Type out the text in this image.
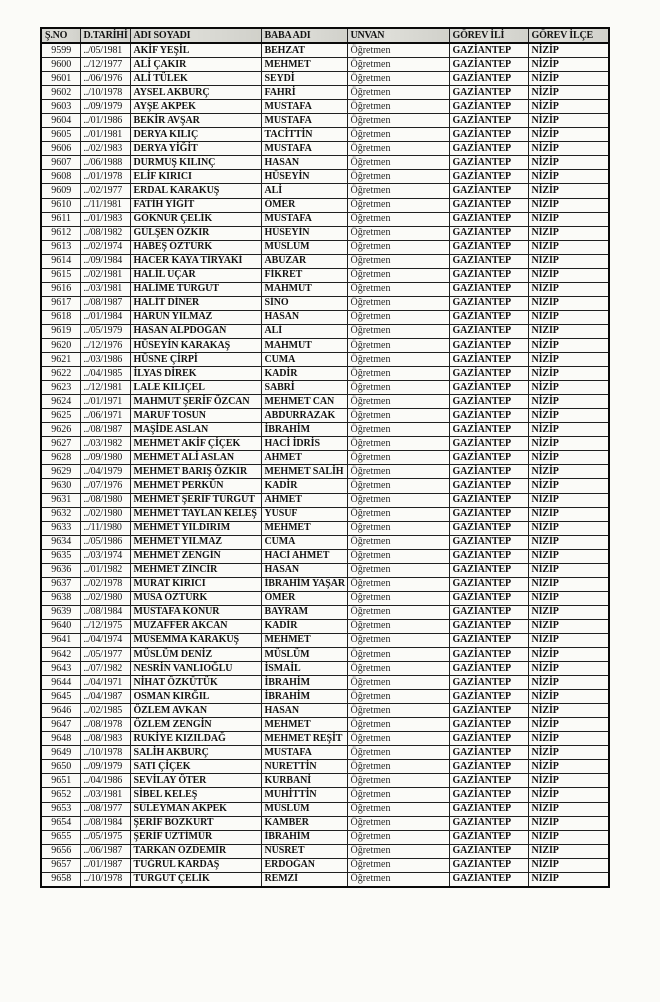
Ş.NO	D.TARİHİ	ADI SOYADI	BABA ADI	UNVAN	GÖREV İLİ	GÖREV İLÇE
9599	../05/1981	AKİF YEŞİL	BEHZAT	Öğretmen	GAZİANTEP	NİZİP
9600	../12/1977	ALİ ÇAKIR	MEHMET	Öğretmen	GAZİANTEP	NİZİP
9601	../06/1976	ALİ TÜLEK	SEYDİ	Öğretmen	GAZİANTEP	NİZİP
9602	../10/1978	AYSEL AKBURÇ	FAHRİ	Öğretmen	GAZİANTEP	NİZİP
9603	../09/1979	AYŞE AKPEK	MUSTAFA	Öğretmen	GAZİANTEP	NİZİP
9604	../01/1986	BEKİR AVŞAR	MUSTAFA	Öğretmen	GAZİANTEP	NİZİP
9605	../01/1981	DERYA KILIÇ	TACİTTİN	Öğretmen	GAZİANTEP	NİZİP
9606	../02/1983	DERYA YİĞİT	MUSTAFA	Öğretmen	GAZİANTEP	NİZİP
9607	../06/1988	DURMUŞ KILINÇ	HASAN	Öğretmen	GAZİANTEP	NİZİP
9608	../01/1978	ELİF KIRICI	HÜSEYİN	Öğretmen	GAZİANTEP	NİZİP
9609	../02/1977	ERDAL KARAKUŞ	ALİ	Öğretmen	GAZİANTEP	NİZİP
9610	../11/1981	FATİH YİĞİT	ÖMER	Öğretmen	GAZİANTEP	NİZİP
9611	../01/1983	GÖKNUR ÇELİK	MUSTAFA	Öğretmen	GAZİANTEP	NİZİP
9612	../08/1982	GÜLŞEN ÖZKIR	HÜSEYİN	Öğretmen	GAZİANTEP	NİZİP
9613	../02/1974	HABEŞ ÖZTÜRK	MÜSLÜM	Öğretmen	GAZİANTEP	NİZİP
9614	../09/1984	HACER KAYA TİRYAKİ	ABUZAR	Öğretmen	GAZİANTEP	NİZİP
9615	../02/1981	HALİL UÇAR	FİKRET	Öğretmen	GAZİANTEP	NİZİP
9616	../03/1981	HALİME TURGUT	MAHMUT	Öğretmen	GAZİANTEP	NİZİP
9617	../08/1987	HALİT DİNER	SİNO	Öğretmen	GAZİANTEP	NİZİP
9618	../01/1984	HARUN YILMAZ	HASAN	Öğretmen	GAZİANTEP	NİZİP
9619	../05/1979	HASAN ALPDOĞAN	ALİ	Öğretmen	GAZİANTEP	NİZİP
9620	../12/1976	HÜSEYİN KARAKAŞ	MAHMUT	Öğretmen	GAZİANTEP	NİZİP
9621	../03/1986	HÜSNE ÇİRPİ	CUMA	Öğretmen	GAZİANTEP	NİZİP
9622	../04/1985	İLYAS DİREK	KADİR	Öğretmen	GAZİANTEP	NİZİP
9623	../12/1981	LALE KILIÇEL	SABRİ	Öğretmen	GAZİANTEP	NİZİP
9624	../01/1971	MAHMUT ŞERİF ÖZCAN	MEHMET CAN	Öğretmen	GAZİANTEP	NİZİP
9625	../06/1971	MARUF TOSUN	ABDURRAZAK	Öğretmen	GAZİANTEP	NİZİP
9626	../08/1987	MAŞİDE ASLAN	İBRAHİM	Öğretmen	GAZİANTEP	NİZİP
9627	../03/1982	MEHMET AKİF ÇİÇEK	HACİ İDRİS	Öğretmen	GAZİANTEP	NİZİP
9628	../09/1980	MEHMET ALİ ASLAN	AHMET	Öğretmen	GAZİANTEP	NİZİP
9629	../04/1979	MEHMET BARIŞ ÖZKIR	MEHMET SALİH	Öğretmen	GAZİANTEP	NİZİP
9630	../07/1976	MEHMET PERKÜN	KADİR	Öğretmen	GAZİANTEP	NİZİP
9631	../08/1980	MEHMET ŞERİF TURGUT	AHMET	Öğretmen	GAZİANTEP	NİZİP
9632	../02/1980	MEHMET TAYLAN KELEŞ	YUSUF	Öğretmen	GAZİANTEP	NİZİP
9633	../11/1980	MEHMET YILDIRIM	MEHMET	Öğretmen	GAZİANTEP	NİZİP
9634	../05/1986	MEHMET YILMAZ	CUMA	Öğretmen	GAZİANTEP	NİZİP
9635	../03/1974	MEHMET ZENGİN	HACİ AHMET	Öğretmen	GAZİANTEP	NİZİP
9636	../01/1982	MEHMET ZİNCİR	HASAN	Öğretmen	GAZİANTEP	NİZİP
9637	../02/1978	MURAT KIRICI	İBRAHİM YAŞAR	Öğretmen	GAZİANTEP	NİZİP
9638	../02/1980	MUSA ÖZTÜRK	ÖMER	Öğretmen	GAZİANTEP	NİZİP
9639	../08/1984	MUSTAFA KONUR	BAYRAM	Öğretmen	GAZİANTEP	NİZİP
9640	../12/1975	MUZAFFER AKCAN	KADİR	Öğretmen	GAZİANTEP	NİZİP
9641	../04/1974	MÜSEMMA KARAKUŞ	MEHMET	Öğretmen	GAZİANTEP	NİZİP
9642	../05/1977	MÜSLÜM DENİZ	MÜSLÜM	Öğretmen	GAZİANTEP	NİZİP
9643	../07/1982	NESRİN VANLIOĞLU	İSMAİL	Öğretmen	GAZİANTEP	NİZİP
9644	../04/1971	NİHAT ÖZKÜTÜK	İBRAHİM	Öğretmen	GAZİANTEP	NİZİP
9645	../04/1987	OSMAN KIRĞIL	İBRAHİM	Öğretmen	GAZİANTEP	NİZİP
9646	../02/1985	ÖZLEM AVKAN	HASAN	Öğretmen	GAZİANTEP	NİZİP
9647	../08/1978	ÖZLEM ZENGİN	MEHMET	Öğretmen	GAZİANTEP	NİZİP
9648	../08/1983	RUKİYE KIZILDAĞ	MEHMET REŞİT	Öğretmen	GAZİANTEP	NİZİP
9649	../10/1978	SALİH AKBURÇ	MUSTAFA	Öğretmen	GAZİANTEP	NİZİP
9650	../09/1979	SATI ÇİÇEK	NURETTİN	Öğretmen	GAZİANTEP	NİZİP
9651	../04/1986	SEVİLAY ÖTER	KURBANİ	Öğretmen	GAZİANTEP	NİZİP
9652	../03/1981	SİBEL KELEŞ	MUHİTTİN	Öğretmen	GAZİANTEP	NİZİP
9653	../08/1977	SÜLEYMAN AKPEK	MÜSLÜM	Öğretmen	GAZİANTEP	NİZİP
9654	../08/1984	ŞERİF BOZKURT	KAMBER	Öğretmen	GAZİANTEP	NİZİP
9655	../05/1975	ŞERİF UZTİMÜR	İBRAHİM	Öğretmen	GAZİANTEP	NİZİP
9656	../06/1987	TARKAN ÖZDEMİR	NÜSRET	Öğretmen	GAZİANTEP	NİZİP
9657	../01/1987	TUĞRUL KARDAŞ	ERDOĞAN	Öğretmen	GAZİANTEP	NİZİP
9658	../10/1978	TURGUT ÇELİK	REMZİ	Öğretmen	GAZİANTEP	NİZİP
